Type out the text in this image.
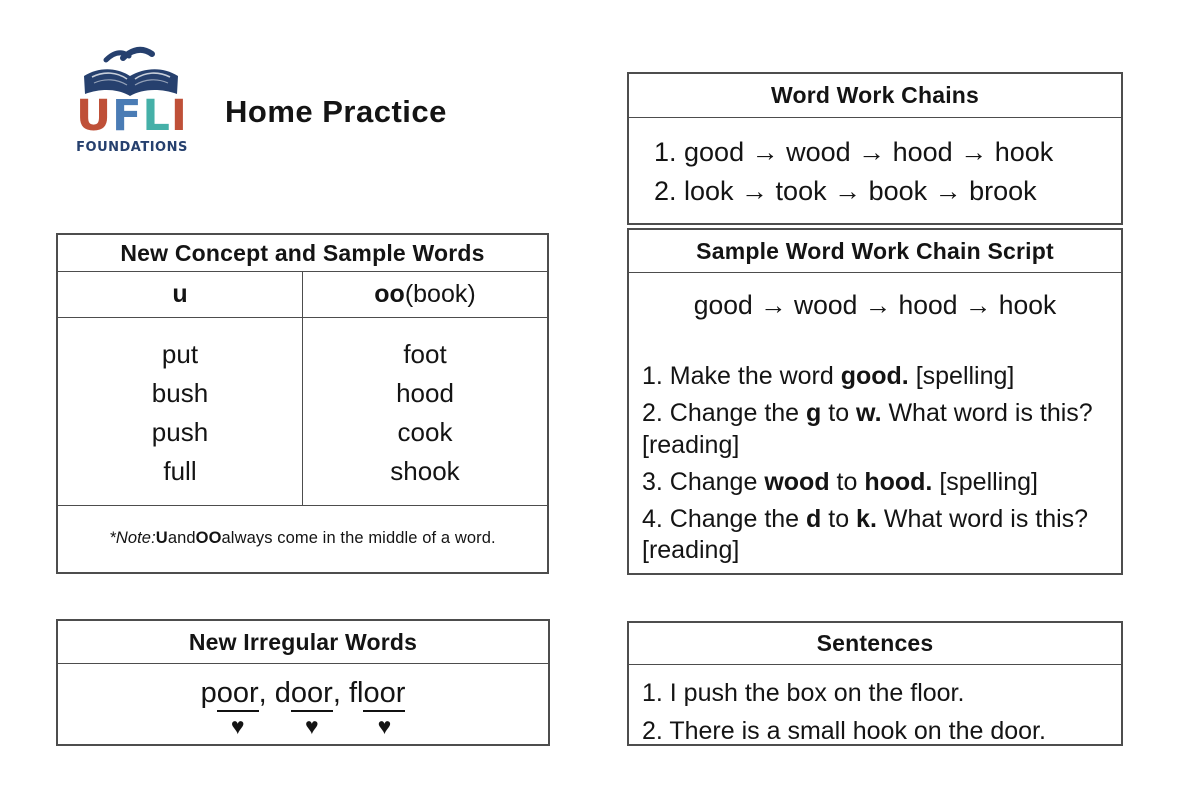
UFLI
FOUNDATIONS
Home Practice
New Concept and Sample Words
u	oo (book)
put
bush
push
full
foot
hood
cook
shook
*Note: U and OO always come in the middle of a word.
New Irregular Words
p oor ,
♥
d oor ,
♥
fl oor
♥
Word Work Chains
1. good → wood → hood → hook
2. look → took → book → brook
Sample Word Work Chain Script
good → wood → hood → hook

1. Make the word good. [spelling]

2. Change the g to w. What word is this? [reading]

3. Change wood to hood. [spelling]

4. Change the d to k. What word is this? [reading]

Sentences
1. I push the box on the floor.
2. There is a small hook on the door.
